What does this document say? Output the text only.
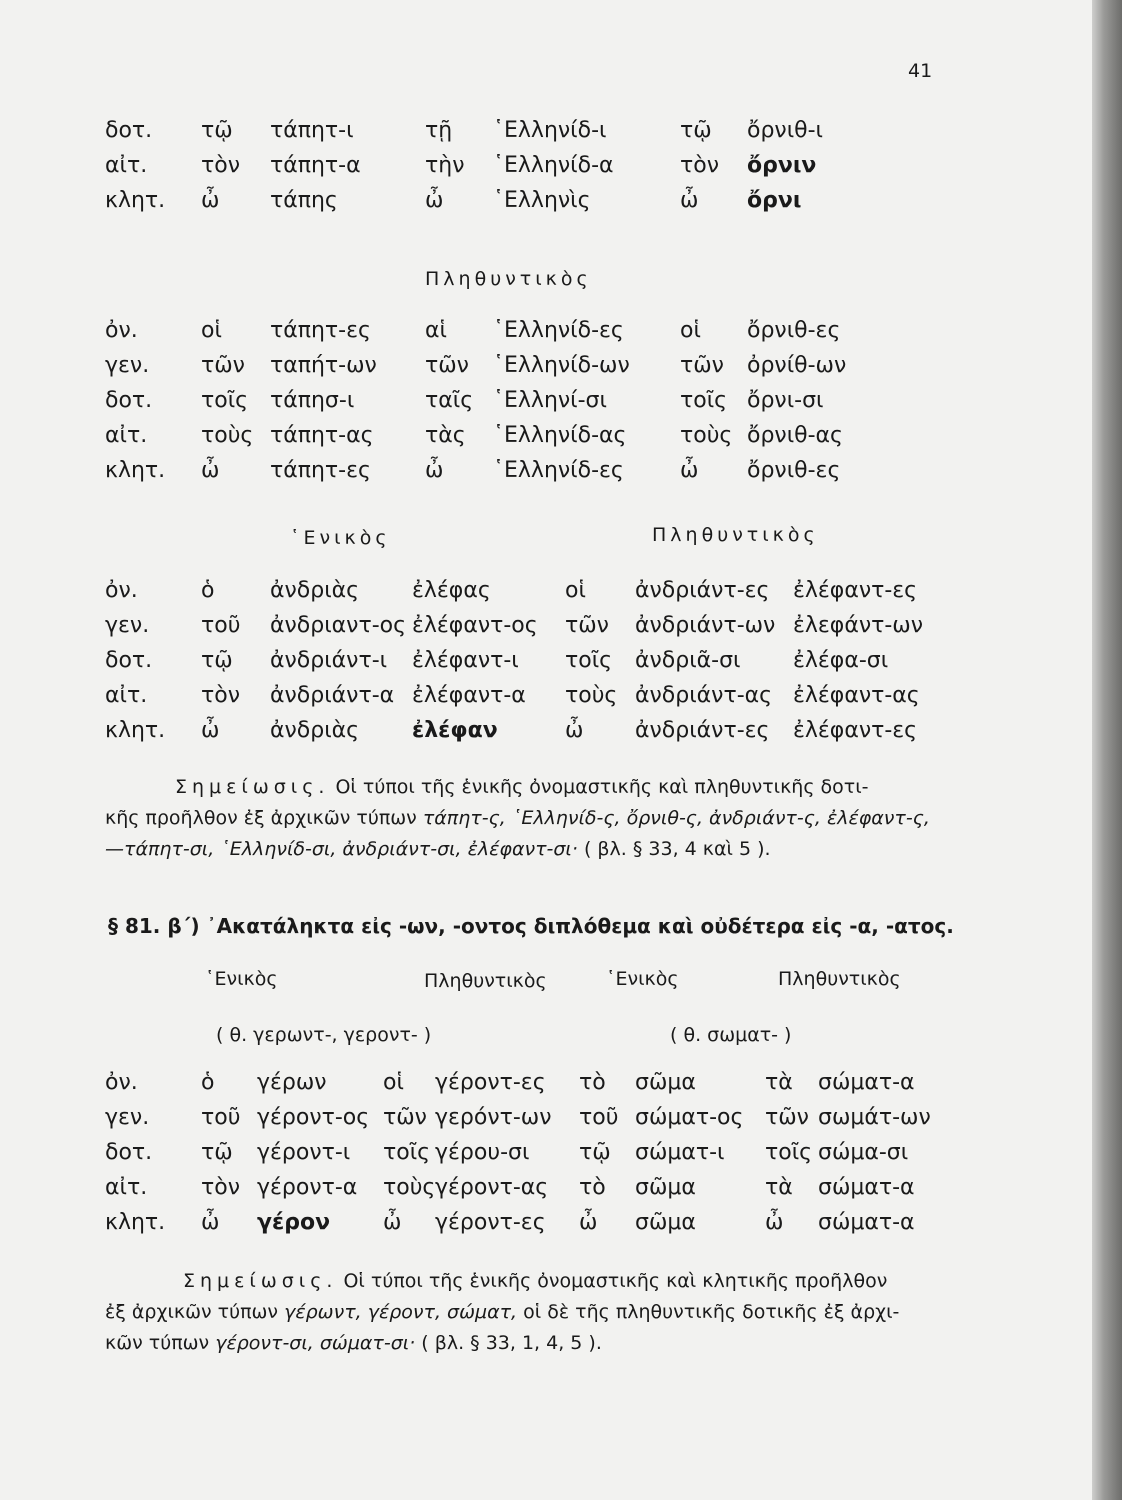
41
δοτ. τῷ τάπητ-ι	τῇ ῾Ελληνίδ-ι	τῷ ὄρνιθ-ι
αἰτ. τὸν τάπητ-α	τὴν ῾Ελληνίδ-α	τὸν ὄρνιν
κλητ. ὦ τάπης	ὦ ῾Ελληνὶς	ὦ ὄρνι
Πληθυντικὸς
ὀν.	οἱ τάπητ-ες αἱ ῾Ελληνίδ-ες	οἱ ὄρνιθ-ες
γεν. τῶν ταπήτ-ων τῶν ῾Ελληνίδ-ων τῶν ὀρνίθ-ων
δοτ. τοῖς τάπησ-ι	ταῖς ῾Ελληνί-σι	τοῖς ὄρνι-σι
αἰτ. τοὺς τάπητ-ας τὰς ῾Ελληνίδ-ας τοὺς ὄρνιθ-ας
κλητ. ὦ τάπητ-ες ὦ ῾Ελληνίδ-ες	ὦ ὄρνιθ-ες
῾Ενικὸς	Πληθυντικὸς
ὀν.	ὁ	ἀνδριὰς ἐλέφας	οἱ ἀνδριάντ-ες ἐλέφαντ-ες
γεν. τοῦ ἀνδριαντ-ος ἐλέφαντ-ος τῶν ἀνδριάντ-ων ἐλεφάντ-ων
δοτ. τῷ ἀνδριάντ-ι ἐλέφαντ-ι τοῖς ἀνδριᾶ-σι ἐλέφα-σι
αἰτ. τὸν ἀνδριάντ-α ἐλέφαντ-α τοὺς ἀνδριάντ-ας ἐλέφαντ-ας
κλητ. ὦ ἀνδριὰς ἐλέφαν	ὦ ἀνδριάντ-ες ἐλέφαντ-ες
Σημείωσις. Οἱ τύποι τῆς ἑνικῆς ὀνομαστικῆς καὶ πληθυντικῆς δοτι-
κῆς προῆλθον ἐξ ἀρχικῶν τύπων τάπητ-ς, ῾Ελληνίδ-ς, ὄρνιθ-ς, ἀνδριάντ-ς, ἐλέφαντ-ς,
—τάπητ-σι, ῾Ελληνίδ-σι, ἀνδριάντ-σι, ἐλέφαντ-σι· ( βλ. § 33, 4 καὶ 5 ).
§ 81. β΄) ᾿Ακατάληκτα εἰς -ων, -οντος διπλόθεμα καὶ οὐδέτερα εἰς -α, -ατος.
῾Ενικὸς	Πληθυντικὸς	῾Ενικὸς	Πληθυντικὸς
( θ. γερωντ-, γεροντ- )	( θ. σωματ- )
ὀν.	ὁ γέρων	οἱ γέροντ-ες τὸ σῶμα	τὰ σώματ-α
γεν. τοῦ γέροντ-ος τῶν γερόντ-ων τοῦ σώματ-ος τῶν σωμάτ-ων
δοτ. τῷ γέροντ-ι τοῖς γέρου-σι τῷ σώματ-ι τοῖς σώμα-σι
αἰτ. τὸν γέροντ-α τοὺς γέροντ-ας τὸ σῶμα	τὰ σώματ-α
κλητ. ὦ γέρον ὦ γέροντ-ες ὦ σῶμα	ὦ σώματ-α
Σημείωσις. Οἱ τύποι τῆς ἑνικῆς ὀνομαστικῆς καὶ κλητικῆς προῆλθον
ἐξ ἀρχικῶν τύπων γέρωντ, γέροντ, σώματ, οἱ δὲ τῆς πληθυντικῆς δοτικῆς ἐξ ἀρχι-
κῶν τύπων γέροντ-σι, σώματ-σι· ( βλ. § 33, 1, 4, 5 ).
